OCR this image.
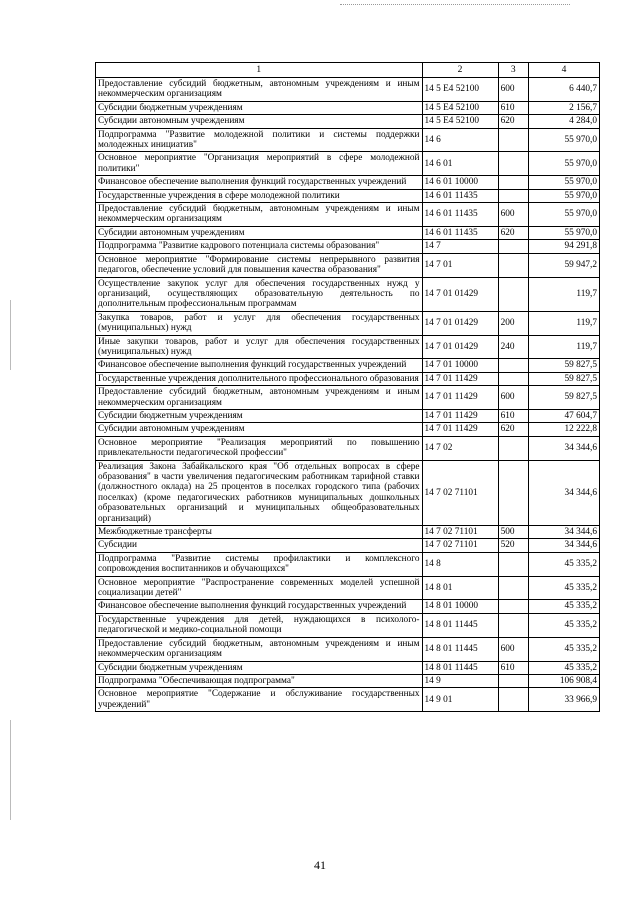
1	2	3	4
Предоставление субсидий бюджетным, автономным учреждениям и иным некоммерческим организациям	14 5 Е4 52100	600	6 440,7
Субсидии бюджетным учреждениям	14 5 Е4 52100	610	2 156,7
Субсидии автономным учреждениям	14 5 Е4 52100	620	4 284,0
Подпрограмма "Развитие молодежной политики и системы поддержки молодежных инициатив"	14 6		55 970,0
Основное мероприятие "Организация мероприятий в сфере молодежной политики"	14 6 01		55 970,0
Финансовое обеспечение выполнения функций государственных учреждений	14 6 01 10000		55 970,0
Государственные учреждения в сфере молодежной политики	14 6 01 11435		55 970,0
Предоставление субсидий бюджетным, автономным учреждениям и иным некоммерческим организациям	14 6 01 11435	600	55 970,0
Субсидии автономным учреждениям	14 6 01 11435	620	55 970,0
Подпрограмма "Развитие кадрового потенциала системы образования"	14 7		94 291,8
Основное мероприятие "Формирование системы непрерывного развития педагогов, обеспечение условий для повышения качества образования"	14 7 01		59 947,2
Осуществление закупок услуг для обеспечения государственных нужд у организаций, осуществляющих образовательную деятельность по дополнительным профессиональным программам	14 7 01 01429		119,7
Закупка товаров, работ и услуг для обеспечения государственных (муниципальных) нужд	14 7 01 01429	200	119,7
Иные закупки товаров, работ и услуг для обеспечения государственных (муниципальных) нужд	14 7 01 01429	240	119,7
Финансовое обеспечение выполнения функций государственных учреждений	14 7 01 10000		59 827,5
Государственные учреждения дополнительного профессионального образования	14 7 01 11429		59 827,5
Предоставление субсидий бюджетным, автономным учреждениям и иным некоммерческим организациям	14 7 01 11429	600	59 827,5
Субсидии бюджетным учреждениям	14 7 01 11429	610	47 604,7
Субсидии автономным учреждениям	14 7 01 11429	620	12 222,8
Основное мероприятие "Реализация мероприятий по повышению привлекательности педагогической профессии"	14 7 02		34 344,6
Реализация Закона Забайкальского края "Об отдельных вопросах в сфере образования" в части увеличения педагогическим работникам тарифной ставки (должностного оклада) на 25 процентов в поселках городского типа (рабочих поселках) (кроме педагогических работников муниципальных дошкольных образовательных организаций и муниципальных общеобразовательных организаций)	14 7 02 71101		34 344,6
Межбюджетные трансферты	14 7 02 71101	500	34 344,6
Субсидии	14 7 02 71101	520	34 344,6
Подпрограмма "Развитие системы профилактики и комплексного сопровождения воспитанников и обучающихся"	14 8		45 335,2
Основное мероприятие "Распространение современных моделей успешной социализации детей"	14 8 01		45 335,2
Финансовое обеспечение выполнения функций государственных учреждений	14 8 01 10000		45 335,2
Государственные учреждения для детей, нуждающихся в психолого-педагогической и медико-социальной помощи	14 8 01 11445		45 335,2
Предоставление субсидий бюджетным, автономным учреждениям и иным некоммерческим организациям	14 8 01 11445	600	45 335,2
Субсидии бюджетным учреждениям	14 8 01 11445	610	45 335,2
Подпрограмма "Обеспечивающая подпрограмма"	14 9		106 908,4
Основное мероприятие "Содержание и обслуживание государственных учреждений"	14 9 01		33 966,9
41
